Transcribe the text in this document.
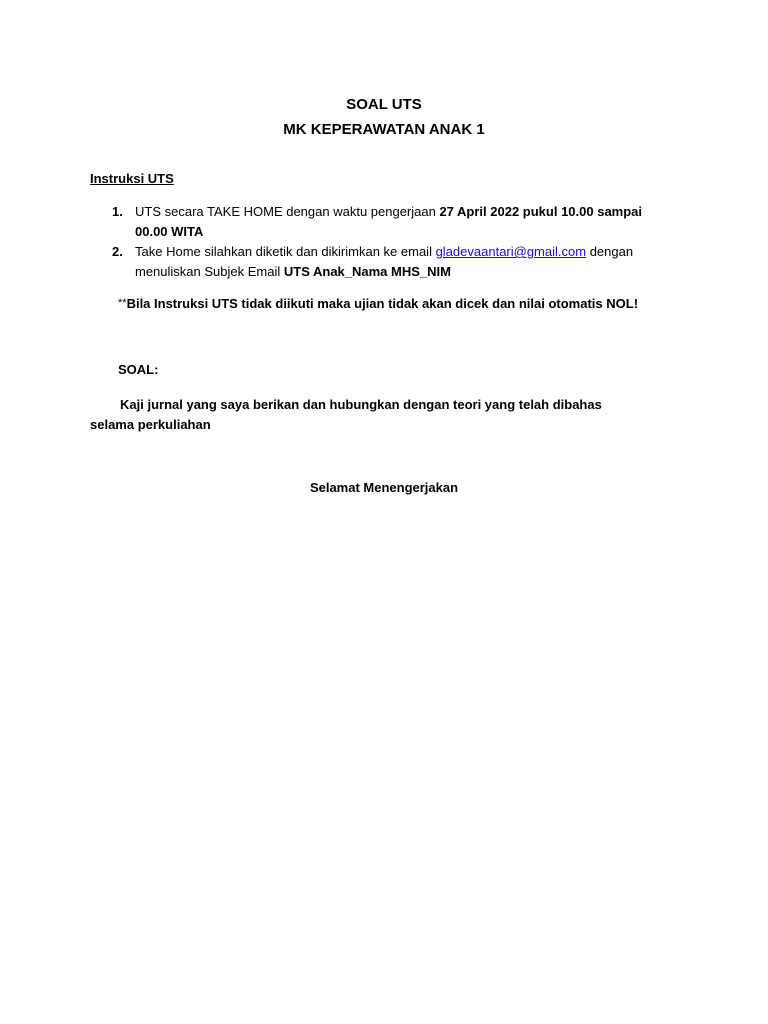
SOAL UTS
MK KEPERAWATAN ANAK 1
Instruksi UTS
1. UTS secara TAKE HOME dengan waktu pengerjaan 27 April 2022 pukul 10.00 sampai 00.00 WITA
2. Take Home silahkan diketik dan dikirimkan ke email gladevaantari@gmail.com dengan menuliskan Subjek Email UTS Anak_Nama MHS_NIM
**Bila Instruksi UTS tidak diikuti maka ujian tidak akan dicek dan nilai otomatis NOL!
SOAL:

Kaji jurnal yang saya berikan dan hubungkan dengan teori yang telah dibahas selama perkuliahan

Selamat Menengerjakan
